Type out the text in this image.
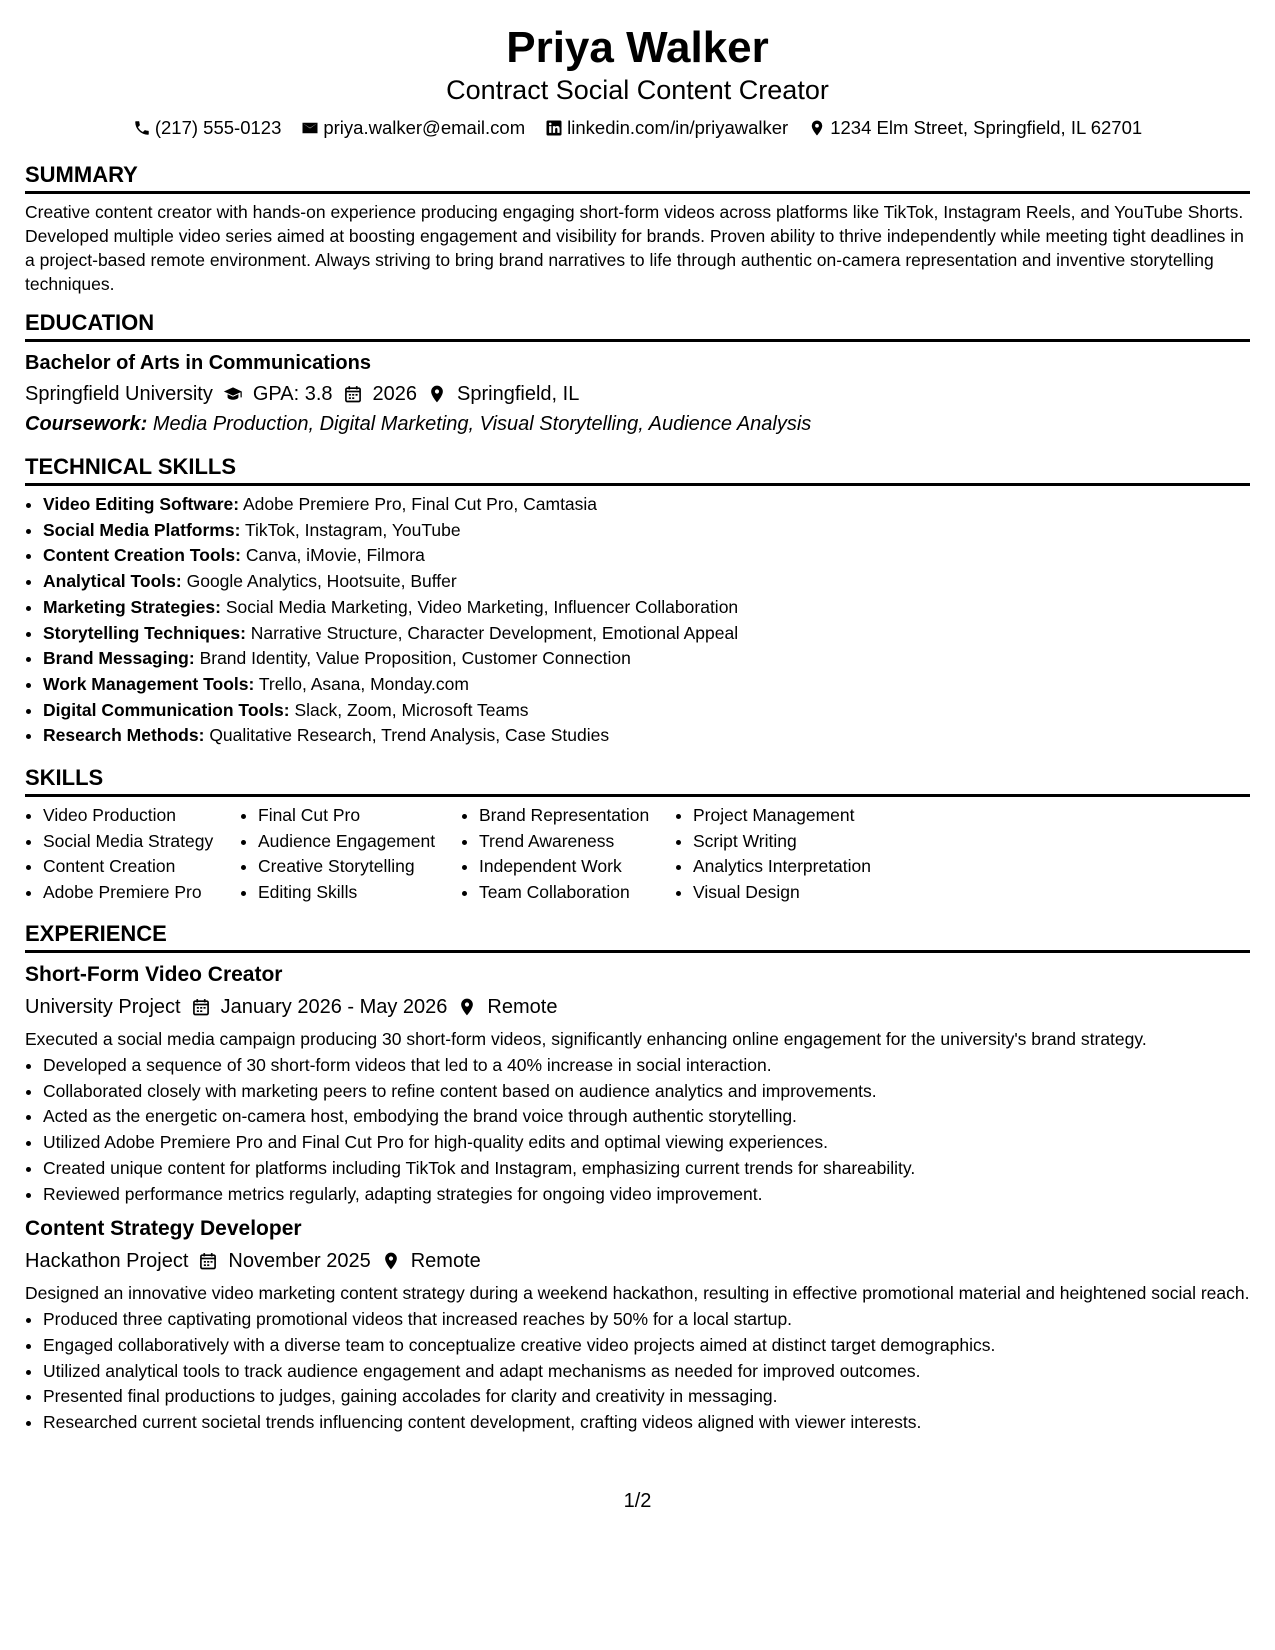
Priya Walker
Contract Social Content Creator
(217) 555-0123 priya.walker@email.com linkedin.com/in/priyawalker 1234 Elm Street, Springfield, IL 62701
SUMMARY

Creative content creator with hands-on experience producing engaging short-form videos across platforms like TikTok, Instagram Reels, and YouTube Shorts. Developed multiple video series aimed at boosting engagement and visibility for brands. Proven ability to thrive independently while meeting tight deadlines in a project-based remote environment. Always striving to bring brand narratives to life through authentic on-camera representation and inventive storytelling techniques.

EDUCATION
Bachelor of Arts in Communications
Springfield University GPA: 3.8 2026 Springfield, IL
Coursework: Media Production, Digital Marketing, Visual Storytelling, Audience Analysis
TECHNICAL SKILLS
• Video Editing Software: Adobe Premiere Pro, Final Cut Pro, Camtasia
• Social Media Platforms: TikTok, Instagram, YouTube
• Content Creation Tools: Canva, iMovie, Filmora
• Analytical Tools: Google Analytics, Hootsuite, Buffer
• Marketing Strategies: Social Media Marketing, Video Marketing, Influencer Collaboration
• Storytelling Techniques: Narrative Structure, Character Development, Emotional Appeal
• Brand Messaging: Brand Identity, Value Proposition, Customer Connection
• Work Management Tools: Trello, Asana, Monday.com
• Digital Communication Tools: Slack, Zoom, Microsoft Teams
• Research Methods: Qualitative Research, Trend Analysis, Case Studies
SKILLS
• Video Production
• Social Media Strategy
• Content Creation
• Adobe Premiere Pro
• Final Cut Pro
• Audience Engagement
• Creative Storytelling
• Editing Skills
• Brand Representation
• Trend Awareness
• Independent Work
• Team Collaboration
• Project Management
• Script Writing
• Analytics Interpretation
• Visual Design
EXPERIENCE
Short-Form Video Creator
University Project January 2026 - May 2026 Remote
Executed a social media campaign producing 30 short-form videos, significantly enhancing online engagement for the university's brand strategy.
• Developed a sequence of 30 short-form videos that led to a 40% increase in social interaction.
• Collaborated closely with marketing peers to refine content based on audience analytics and improvements.
• Acted as the energetic on-camera host, embodying the brand voice through authentic storytelling.
• Utilized Adobe Premiere Pro and Final Cut Pro for high-quality edits and optimal viewing experiences.
• Created unique content for platforms including TikTok and Instagram, emphasizing current trends for shareability.
• Reviewed performance metrics regularly, adapting strategies for ongoing video improvement.
Content Strategy Developer
Hackathon Project November 2025 Remote
Designed an innovative video marketing content strategy during a weekend hackathon, resulting in effective promotional material and heightened social reach.
• Produced three captivating promotional videos that increased reaches by 50% for a local startup.
• Engaged collaboratively with a diverse team to conceptualize creative video projects aimed at distinct target demographics.
• Utilized analytical tools to track audience engagement and adapt mechanisms as needed for improved outcomes.
• Presented final productions to judges, gaining accolades for clarity and creativity in messaging.
• Researched current societal trends influencing content development, crafting videos aligned with viewer interests.
1/2
